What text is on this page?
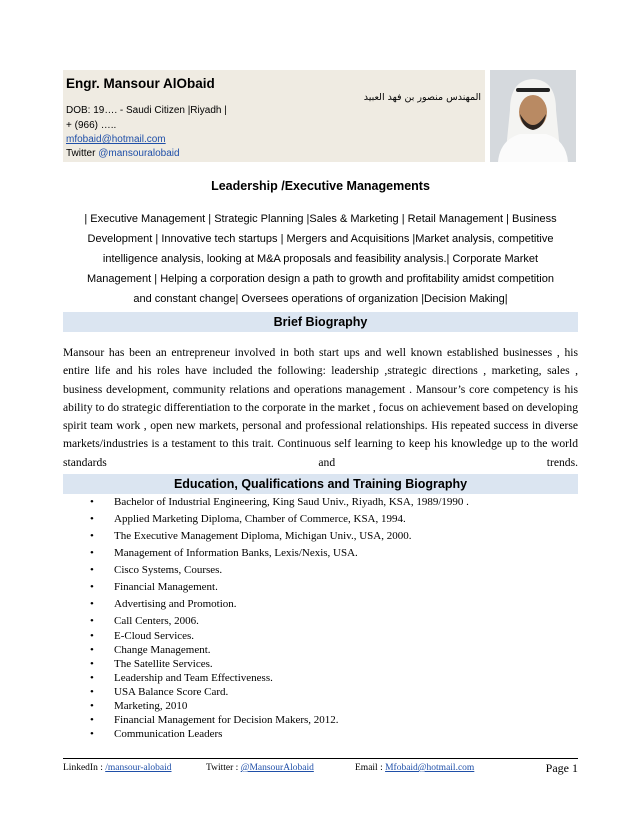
Engr. Mansour AlObaid
المهندس منصور بن فهد العبيد
DOB: 19…. - Saudi Citizen |Riyadh |
+ (966) …..
mfobaid@hotmail.com
Twitter @mansouralobaid
Leadership /Executive Managements
| Executive Management | Strategic Planning |Sales & Marketing | Retail Management | Business
Development | Innovative tech startups | Mergers and Acquisitions |Market analysis, competitive
intelligence analysis, looking at M&A proposals and feasibility analysis.| Corporate Market
Management | Helping a corporation design a path to growth and profitability amidst competition
and constant change| Oversees operations of organization |Decision Making|
Brief Biography
Mansour has been an entrepreneur involved in both start ups and well known established businesses , his entire life and his roles have included the following: leadership ,strategic directions , marketing, sales , business development, community relations and operations management . Mansour’s core competency is his ability to do strategic differentiation to the corporate in the market , focus on achievement based on developing spirit team work , open new markets, personal and professional relationships. His repeated success in diverse markets/industries is a testament to this trait. Continuous self learning to keep his knowledge up to the world standards and trends.
Education, Qualifications and Training Biography
• Bachelor of Industrial Engineering, King Saud Univ., Riyadh, KSA, 1989/1990 .
• Applied Marketing Diploma, Chamber of Commerce, KSA, 1994.
• The Executive Management Diploma, Michigan Univ., USA, 2000.
• Management of Information Banks, Lexis/Nexis, USA.
• Cisco Systems, Courses.
• Financial Management.
• Advertising and Promotion.
• Call Centers, 2006.
• E-Cloud Services.
• Change Management.
• The Satellite Services.
• Leadership and Team Effectiveness.
• USA Balance Score Card.
• Marketing, 2010
• Financial Management for Decision Makers, 2012.
• Communication Leaders
LinkedIn : /mansour-alobaid	Twitter : @MansourAlobaid	Email : Mfobaid@hotmail.com	Page 1
